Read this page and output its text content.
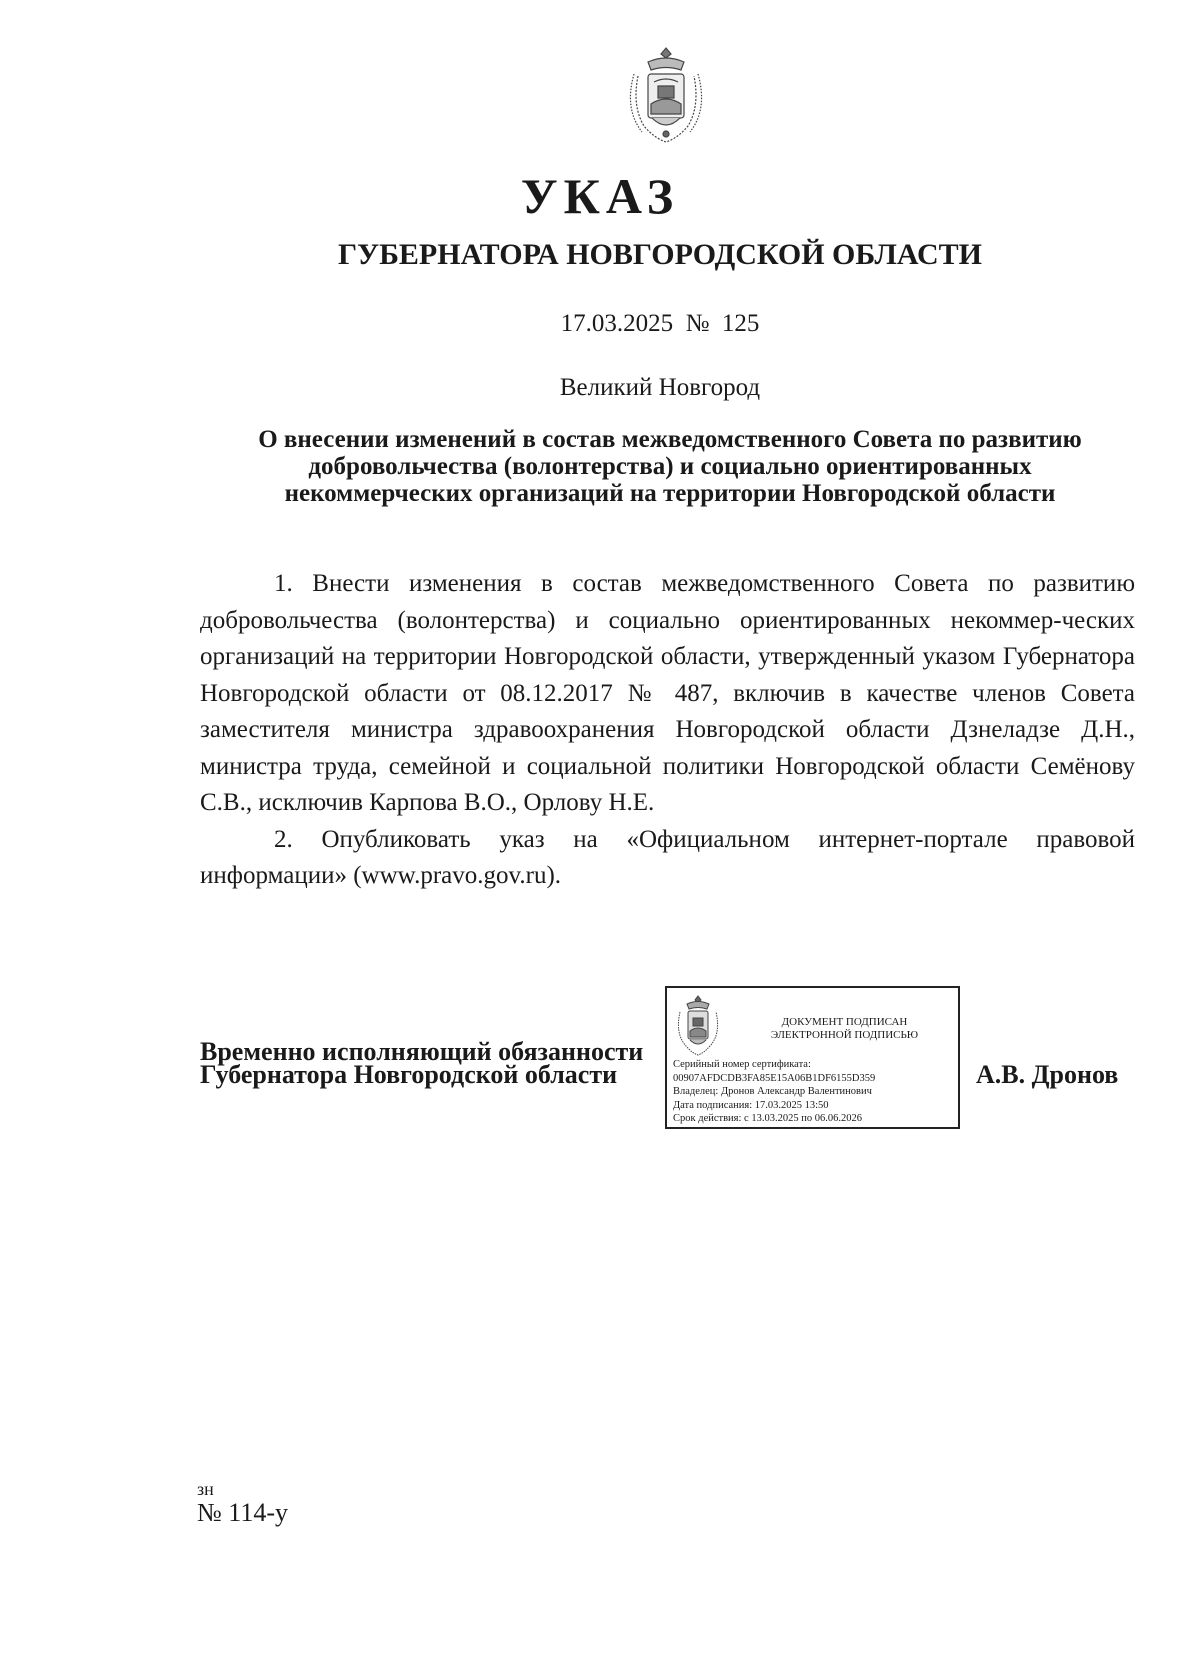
УКАЗ
ГУБЕРНАТОРА НОВГОРОДСКОЙ ОБЛАСТИ
17.03.2025 № 125
Великий Новгород
О внесении изменений в состав межведомственного Совета по развитию
добровольчества (волонтерства) и социально ориентированных
некоммерческих организаций на территории Новгородской области

1. Внести изменения в состав межведомственного Совета по развитию добровольчества (волонтерства) и социально ориентированных некоммер-ческих организаций на территории Новгородской области, утвержденный указом Губернатора Новгородской области от 08.12.2017 № 487, включив в качестве членов Совета заместителя министра здравоохранения Новгородской области Дзнеладзе Д.Н., министра труда, семейной и социальной политики Новгородской области Семёнову С.В., исключив Карпова В.О., Орлову Н.Е.

2. Опубликовать указ на «Официальном интернет-портале правовой информации» (www.pravo.gov.ru).

Временно исполняющий обязанности
Губернатора Новгородской области
ДОКУМЕНТ ПОДПИСАН
ЭЛЕКТРОННОЙ ПОДПИСЬЮ
Серийный номер сертификата:
00907AFDCDB3FA85E15A06B1DF6155D359
Владелец: Дронов Александр Валентинович
Дата подписания: 17.03.2025 13:50
Срок действия: с 13.03.2025 по 06.06.2026
А.В. Дронов
зн
№ 114-у
